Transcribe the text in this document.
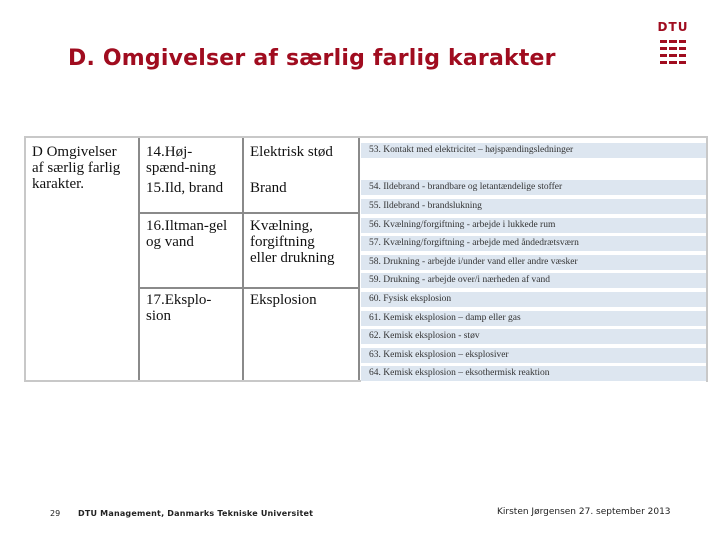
D. Omgivelser af særlig farlig karakter
DTU
D Omgivelser
af særlig farlig
karakter.
14.Høj-
spænd-ning
Elektrisk stød
15.Ild, brand Brand
16.Iltman-gel
og vand
Kvælning,
forgiftning
eller drukning
17.Eksplo-
sion
Eksplosion
53. Kontakt med elektricitet – højspændingsledninger
54. Ildebrand - brandbare og letantændelige stoffer
55. Ildebrand - brandslukning
56. Kvælning/forgiftning - arbejde i lukkede rum
57. Kvælning/forgiftning - arbejde med åndedrætsværn
58. Drukning - arbejde i/under vand eller andre væsker
59. Drukning - arbejde over/i nærheden af vand
60. Fysisk eksplosion
61. Kemisk eksplosion – damp eller gas
62. Kemisk eksplosion - støv
63. Kemisk eksplosion – eksplosiver
64. Kemisk eksplosion – eksothermisk reaktion
29 DTU Management, Danmarks Tekniske Universitet	Kirsten Jørgensen 27. september 2013
